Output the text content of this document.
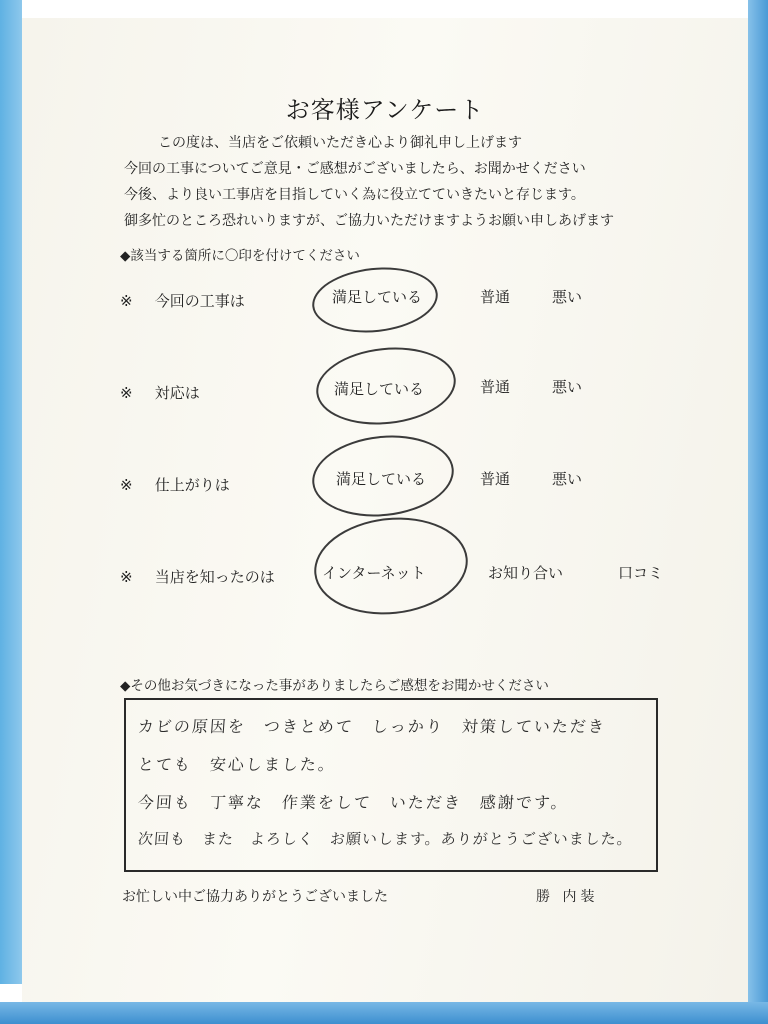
お客様アンケート
この度は、当店をご依頼いただき心より御礼申し上げます
今回の工事についてご意見・ご感想がございましたら、お聞かせください
今後、より良い工事店を目指していく為に役立てていきたいと存じます。
御多忙のところ恐れいりますが、ご協力いただけますようお願い申しあげます
◆該当する箇所に〇印を付けてください
※ 今回の工事は	満足している	普通	悪い
※ 対応は	満足している	普通	悪い
※ 仕上がりは	満足している	普通	悪い
※ 当店を知ったのは	インターネット	お知り合い	口コミ
◆その他お気づきになった事がありましたらご感想をお聞かせください
カビの原因を　つきとめて　しっかり　対策していただき
とても　安心しました。
今回も　丁寧な　作業をして　いただき　感謝です。
次回も　また　よろしく　お願いします。ありがとうございました。
お忙しい中ご協力ありがとうございました	勝 内装
